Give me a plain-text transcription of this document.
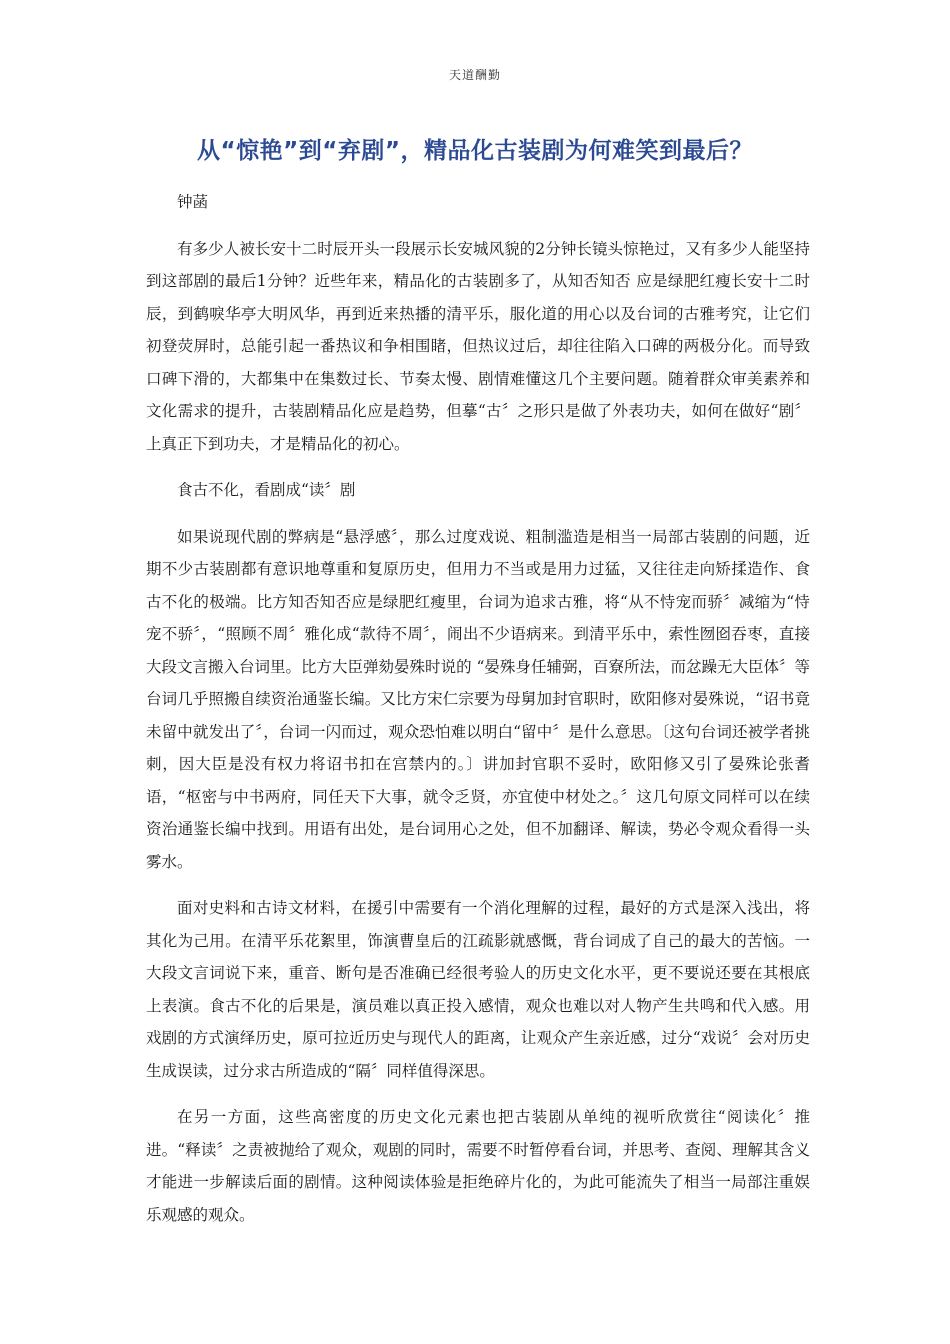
天道酬勤
从“惊艳”到“弃剧”，精品化古装剧为何难笑到最后？

钟菡

有多少人被长安十二时辰开头一段展示长安城风貌的2分钟长镜头惊艳过，又有多少人能坚持到这部剧的最后1分钟？近些年来，精品化的古装剧多了，从知否知否 应是绿肥红瘦长安十二时辰，到鹤唳华亭大明风华，再到近来热播的清平乐，服化道的用心以及台词的古雅考究，让它们初登荧屏时，总能引起一番热议和争相围睹，但热议过后，却往往陷入口碑的两极分化。而导致口碑下滑的，大都集中在集数过长、节奏太慢、剧情难懂这几个主要问题。随着群众审美素养和文化需求的提升，古装剧精品化应是趋势，但摹“古〞之形只是做了外表功夫，如何在做好“剧〞上真正下到功夫，才是精品化的初心。

食古不化，看剧成“读〞剧

如果说现代剧的弊病是“悬浮感〞，那么过度戏说、粗制滥造是相当一局部古装剧的问题，近期不少古装剧都有意识地尊重和复原历史，但用力不当或是用力过猛，又往往走向矫揉造作、食古不化的极端。比方知否知否应是绿肥红瘦里，台词为追求古雅，将“从不恃宠而骄〞减缩为“恃宠不骄〞，“照顾不周〞雅化成“款待不周〞，闹出不少语病来。到清平乐中，索性囫囵吞枣，直接大段文言搬入台词里。比方大臣弹劾晏殊时说的 “晏殊身任辅弼，百寮所法，而忿躁无大臣体〞等台词几乎照搬自续资治通鉴长编。又比方宋仁宗要为母舅加封官职时，欧阳修对晏殊说，“诏书竟未留中就发出了〞，台词一闪而过，观众恐怕难以明白“留中〞是什么意思。〔这句台词还被学者挑刺，因大臣是没有权力将诏书扣在宫禁内的。〕讲加封官职不妥时，欧阳修又引了晏殊论张耆语，“枢密与中书两府，同任天下大事，就令乏贤，亦宜使中材处之。〞这几句原文同样可以在续资治通鉴长编中找到。用语有出处，是台词用心之处，但不加翻译、解读，势必令观众看得一头雾水。

面对史料和古诗文材料，在援引中需要有一个消化理解的过程，最好的方式是深入浅出，将其化为己用。在清平乐花絮里，饰演曹皇后的江疏影就感慨，背台词成了自己的最大的苦恼。一大段文言词说下来，重音、断句是否准确已经很考验人的历史文化水平，更不要说还要在其根底上表演。食古不化的后果是，演员难以真正投入感情，观众也难以对人物产生共鸣和代入感。用戏剧的方式演绎历史，原可拉近历史与现代人的距离，让观众产生亲近感，过分“戏说〞会对历史生成误读，过分求古所造成的“隔〞同样值得深思。

在另一方面，这些高密度的历史文化元素也把古装剧从单纯的视听欣赏往“阅读化〞推进。“释读〞之责被抛给了观众，观剧的同时，需要不时暂停看台词，并思考、查阅、理解其含义才能进一步解读后面的剧情。这种阅读体验是拒绝碎片化的，为此可能流失了相当一局部注重娱乐观感的观众。
